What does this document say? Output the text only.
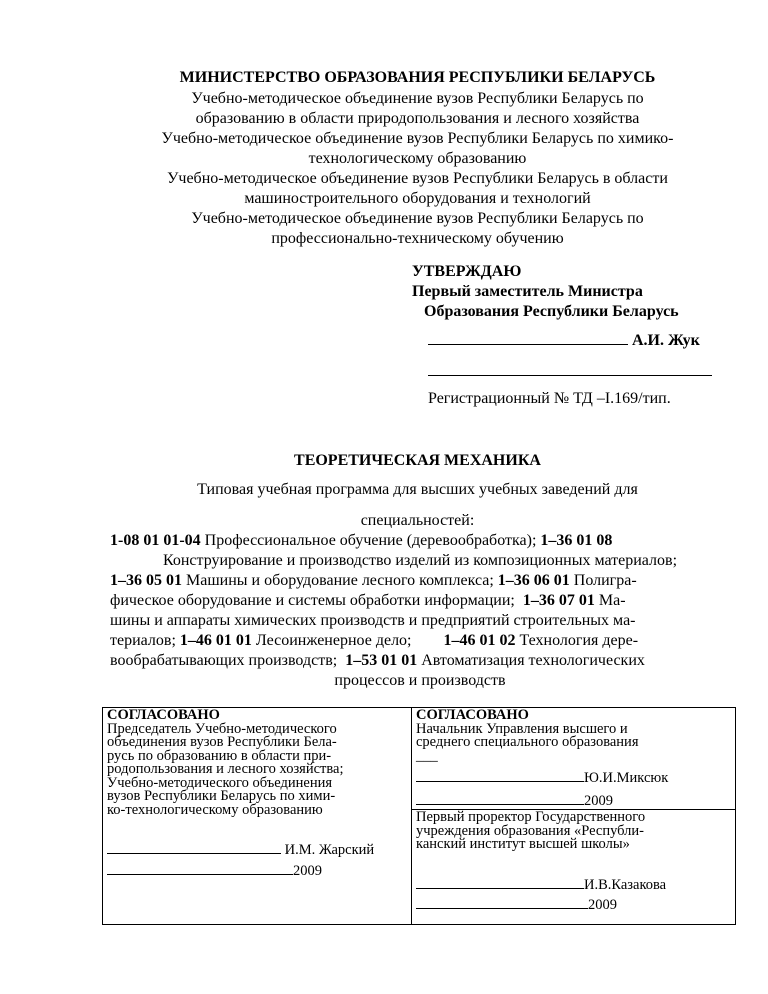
МИНИСТЕРСТВО ОБРАЗОВАНИЯ РЕСПУБЛИКИ БЕЛАРУСЬ
Учебно-методическое объединение вузов Республики Беларусь по
образованию в области природопользования и лесного хозяйства
Учебно-методическое объединение вузов Республики Беларусь по химико-
технологическому образованию
Учебно-методическое объединение вузов Республики Беларусь в области
машиностроительного оборудования и технологий
Учебно-методическое объединение вузов Республики Беларусь по
профессионально-техническому обучению
УТВЕРЖДАЮ
Первый заместитель Министра
Образования Республики Беларусь
А.И. Жук
Регистрационный № ТД –I.169/тип.
ТЕОРЕТИЧЕСКАЯ МЕХАНИКА
Типовая учебная программа для высших учебных заведений для
специальностей:
1-08 01 01-04 Профессиональное обучение (деревообработка); 1–36 01 08
Конструирование и производство изделий из композиционных материалов;
1–36 05 01 Машины и оборудование лесного комплекса; 1–36 06 01 Полигра-
фическое оборудование и системы обработки информации;  1–36 07 01 Ма-
шины и аппараты химических производств и предприятий строительных ма-
териалов; 1–46 01 01 Лесоинженерное дело;        1–46 01 02 Технология дере-
вообрабатывающих производств;  1–53 01 01 Автоматизация технологических
процессов и производств
СОГЛАСОВАНО
Председатель Учебно-методического
объединения вузов Республики Бела-
русь по образованию в области при-
родопользования и лесного хозяйства;
Учебно-методического объединения
вузов Республики Беларусь по хими-
ко-технологическому образованию
И.М. Жарский
2009

СОГЛАСОВАНО
Начальник Управления высшего и
среднего специального образования
___
Ю.И.Миксюк
2009

Первый проректор Государственного
учреждения образования «Республи-
канский институт высшей школы»
И.В.Казакова
2009
